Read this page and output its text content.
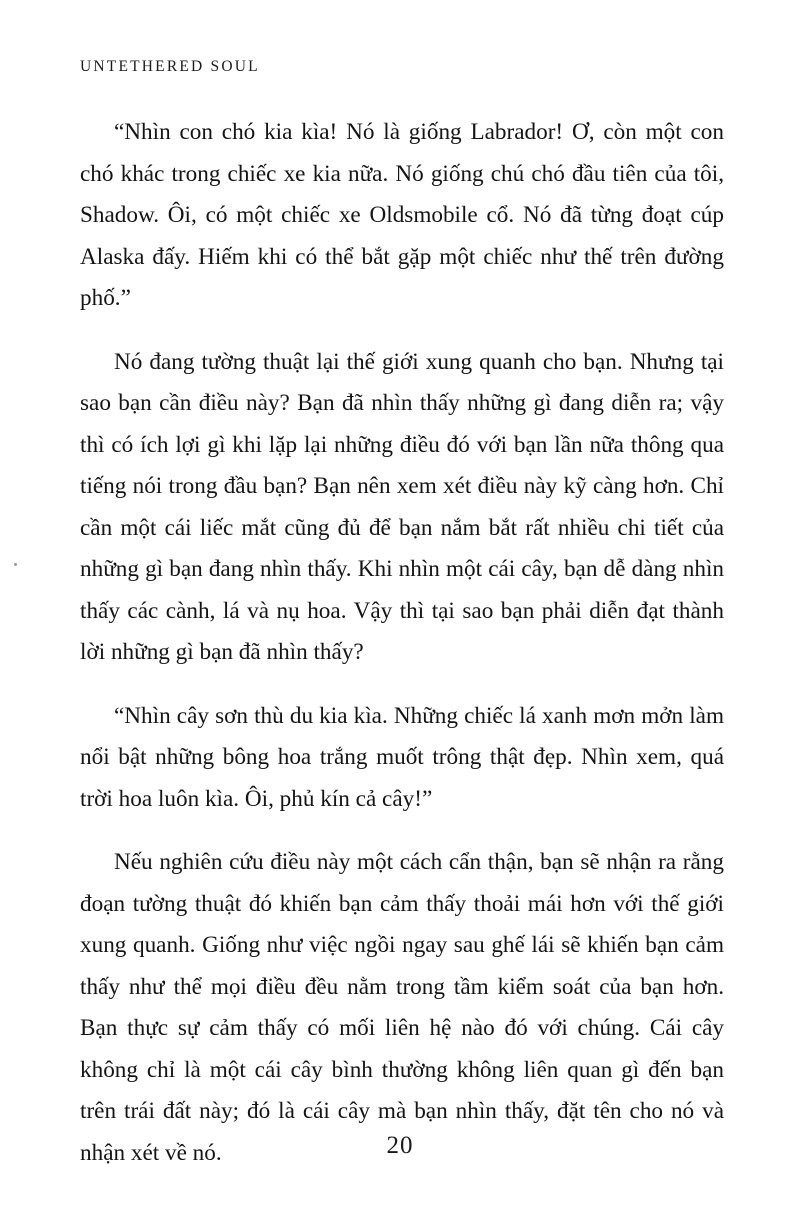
UNTETHERED SOUL

“Nhìn con chó kia kìa! Nó là giống Labrador! Ơ, còn một con chó khác trong chiếc xe kia nữa. Nó giống chú chó đầu tiên của tôi, Shadow. Ôi, có một chiếc xe Oldsmobile cổ. Nó đã từng đoạt cúp Alaska đấy. Hiếm khi có thể bắt gặp một chiếc như thế trên đường phố.”

Nó đang tường thuật lại thế giới xung quanh cho bạn. Nhưng tại sao bạn cần điều này? Bạn đã nhìn thấy những gì đang diễn ra; vậy thì có ích lợi gì khi lặp lại những điều đó với bạn lần nữa thông qua tiếng nói trong đầu bạn? Bạn nên xem xét điều này kỹ càng hơn. Chỉ cần một cái liếc mắt cũng đủ để bạn nắm bắt rất nhiều chi tiết của những gì bạn đang nhìn thấy. Khi nhìn một cái cây, bạn dễ dàng nhìn thấy các cành, lá và nụ hoa. Vậy thì tại sao bạn phải diễn đạt thành lời những gì bạn đã nhìn thấy?

“Nhìn cây sơn thù du kia kìa. Những chiếc lá xanh mơn mởn làm nổi bật những bông hoa trắng muốt trông thật đẹp. Nhìn xem, quá trời hoa luôn kìa. Ôi, phủ kín cả cây!”

Nếu nghiên cứu điều này một cách cẩn thận, bạn sẽ nhận ra rằng đoạn tường thuật đó khiến bạn cảm thấy thoải mái hơn với thế giới xung quanh. Giống như việc ngồi ngay sau ghế lái sẽ khiến bạn cảm thấy như thể mọi điều đều nằm trong tầm kiểm soát của bạn hơn. Bạn thực sự cảm thấy có mối liên hệ nào đó với chúng. Cái cây không chỉ là một cái cây bình thường không liên quan gì đến bạn trên trái đất này; đó là cái cây mà bạn nhìn thấy, đặt tên cho nó và nhận xét về nó.	20
